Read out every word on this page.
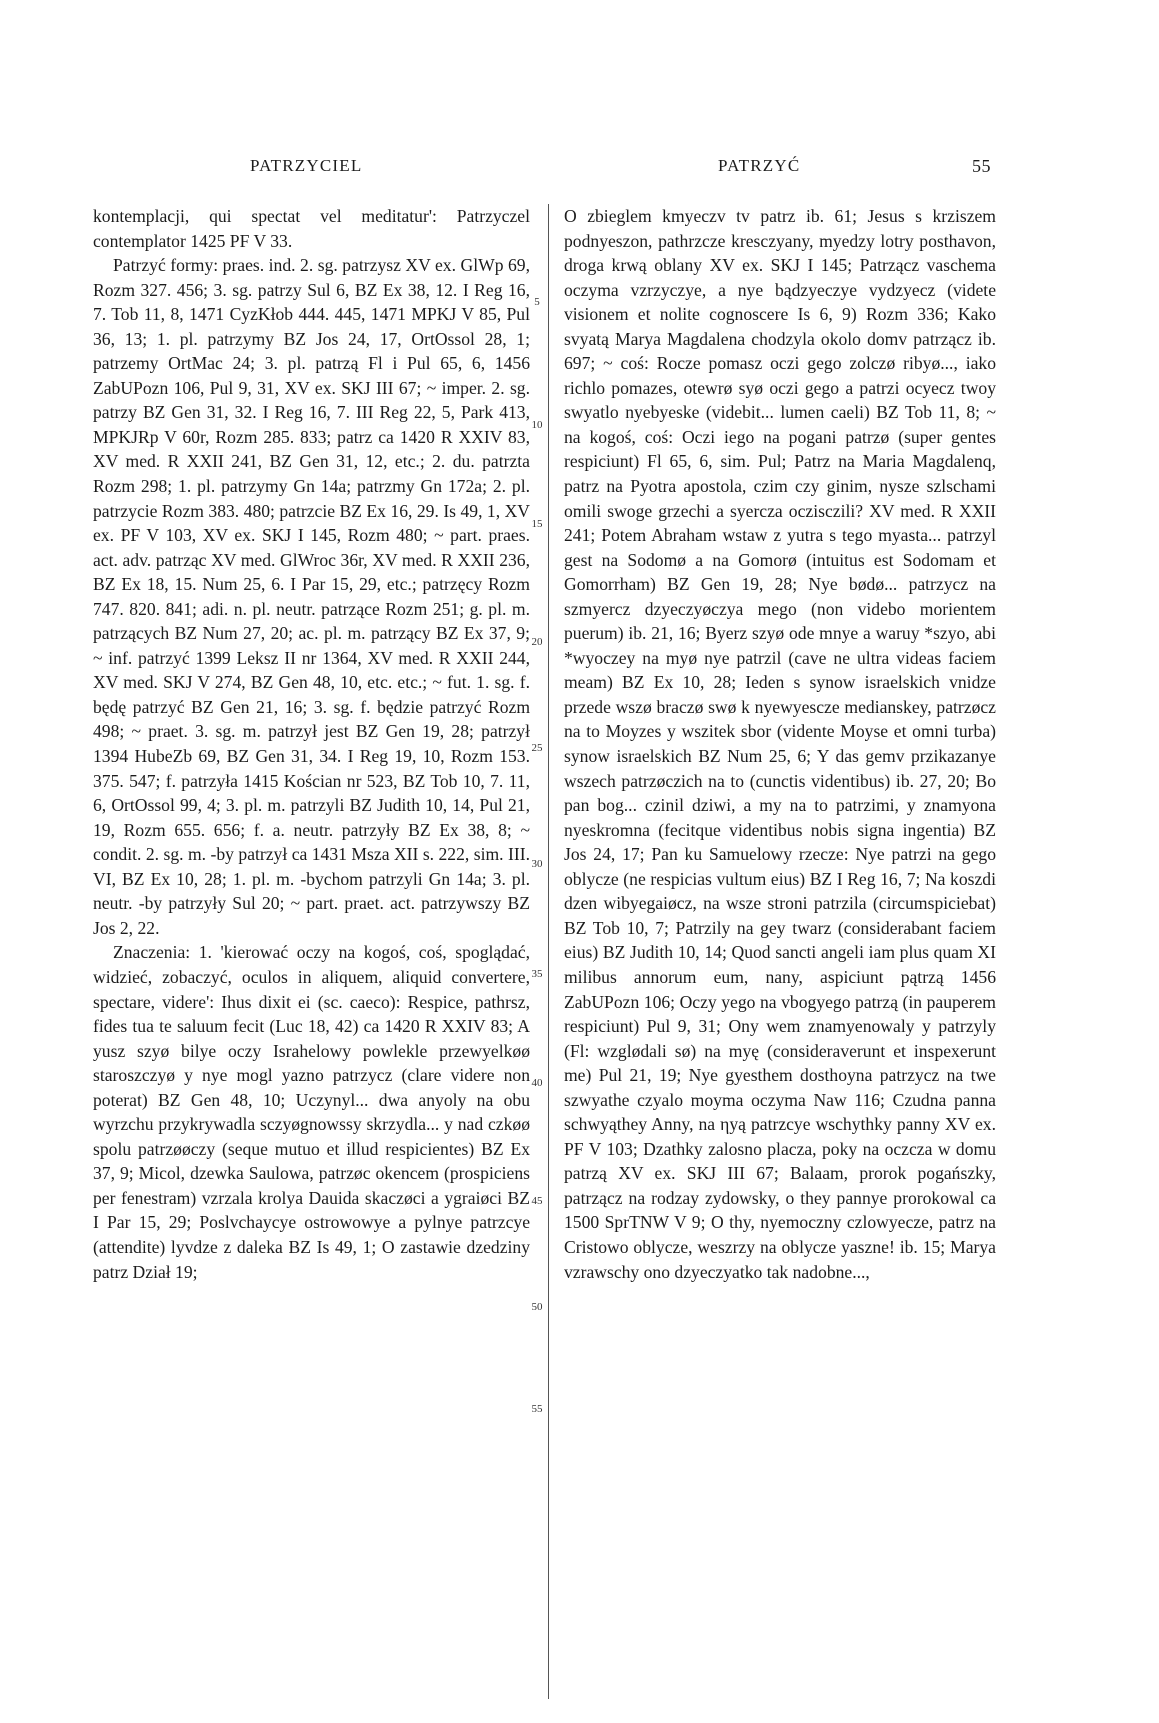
PATRZYCIEL	PATRZYĆ	55

kontemplacji, qui spectat vel meditatur': Patrzyczel contemplator 1425 PF V 33.

Patrzyć formy: praes. ind. 2. sg. patrzysz XV ex. GlWp 69, Rozm 327. 456; 3. sg. patrzy Sul 6, BZ Ex 38, 12. I Reg 16, 7. Tob 11, 8, 1471 CyzKłob 444. 445, 1471 MPKJ V 85, Pul 36, 13; 1. pl. patrzymy BZ Jos 24, 17, OrtOssol 28, 1; patrzemy OrtMac 24; 3. pl. patrzą Fl i Pul 65, 6, 1456 ZabUPozn 106, Pul 9, 31, XV ex. SKJ III 67; ~ imper. 2. sg. patrzy BZ Gen 31, 32. I Reg 16, 7. III Reg 22, 5, Park 413, MPKJRp V 60r, Rozm 285. 833; patrz ca 1420 R XXIV 83, XV med. R XXII 241, BZ Gen 31, 12, etc.; 2. du. patrzta Rozm 298; 1. pl. patrzymy Gn 14a; patrzmy Gn 172a; 2. pl. patrzycie Rozm 383. 480; patrzcie BZ Ex 16, 29. Is 49, 1, XV ex. PF V 103, XV ex. SKJ I 145, Rozm 480; ~ part. praes. act. adv. patrząc XV med. GlWroc 36r, XV med. R XXII 236, BZ Ex 18, 15. Num 25, 6. I Par 15, 29, etc.; patrzęcy Rozm 747. 820. 841; adi. n. pl. neutr. patrzące Rozm 251; g. pl. m. patrzących BZ Num 27, 20; ac. pl. m. patrzący BZ Ex 37, 9; ~ inf. patrzyć 1399 Leksz II nr 1364, XV med. R XXII 244, XV med. SKJ V 274, BZ Gen 48, 10, etc. etc.; ~ fut. 1. sg. f. będę patrzyć BZ Gen 21, 16; 3. sg. f. będzie patrzyć Rozm 498; ~ praet. 3. sg. m. patrzył jest BZ Gen 19, 28; patrzył 1394 HubeZb 69, BZ Gen 31, 34. I Reg 19, 10, Rozm 153. 375. 547; f. patrzyła 1415 Kościan nr 523, BZ Tob 10, 7. 11, 6, OrtOssol 99, 4; 3. pl. m. patrzyli BZ Judith 10, 14, Pul 21, 19, Rozm 655. 656; f. a. neutr. patrzyły BZ Ex 38, 8; ~ condit. 2. sg. m. -by patrzył ca 1431 Msza XII s. 222, sim. III. VI, BZ Ex 10, 28; 1. pl. m. -bychom patrzyli Gn 14a; 3. pl. neutr. -by patrzyły Sul 20; ~ part. praet. act. patrzywszy BZ Jos 2, 22.

Znaczenia: 1. 'kierować oczy na kogoś, coś, spoglądać, widzieć, zobaczyć, oculos in aliquem, aliquid convertere, spectare, videre': Ihus dixit ei (sc. caeco): Respice, pathrsz, fides tua te saluum fecit (Luc 18, 42) ca 1420 R XXIV 83; A yusz szyø bilye oczy Israhelowy powleklе przewyelkøø staroszczyø y nye mogl yazno patrzycz (clare videre non poterat) BZ Gen 48, 10; Uczynyl... dwa anyoly na obu wyrzchu przykrywadla sczyøgnowssy skrzydla... y nad czkøø spolu patrzøøczy (seque mutuo et illud respicientes) BZ Ex 37, 9; Micol, dzewka Saulowa, patrzøc okencem (prospiciens per fenestram) vzrzala krolya Dauida skaczøci a ygraiøci BZ I Par 15, 29; Poslvchaycye ostrowowye a pylnye patrzcye (attendite) lyvdze z daleka BZ Is 49, 1; O zastawie dzedziny patrz Dział 19;

5
10
15
20
25
30
35
40
45
50
55

O zbieglem kmyeczv tv patrz ib. 61; Jesus s krziszem podnyeszon, pathrzcze kresczyany, myedzy lotry posthavon, droga krwą oblany XV ex. SKJ I 145; Patrząсz vaschema oczyma vzrzyczye, a nye bądzyeczye vydzyecz (videte visionem et nolite cognoscere Is 6, 9) Rozm 336; Kako svyatą Marya Magdalena chodzyla okolo domv patrzącz ib. 697; ~ coś: Rocze pomasz oczi gego zolczø ribyø..., iako richlo pomazes, otewrø syø oczi gego a patrzi ocyecz twoy swyatlo nyebyeske (videbit... lumen caeli) BZ Tob 11, 8; ~ na kogoś, coś: Oczi iego na pogani patrzø (super gentes respiciunt) Fl 65, 6, sim. Pul; Patrz na Maria Magdalenq, patrz na Pyotra apostola, czim czy ginim, nysze szlschami omili swoge grzechi a syercza oczisczili? XV med. R XXII 241; Potem Abraham wstaw z yutra s tego myasta... patrzyl gest na Sodomø a na Gomorø (intuitus est Sodomam et Gomorrham) BZ Gen 19, 28; Nye bødø... patrzycz na szmyercz dzyeczyøczya mego (non videbo morientem puerum) ib. 21, 16; Byerz szyø ode mnye a waruy *szyo, abi *wyoczey na myø nye patrzil (cave ne ultra videas faciem meam) BZ Ex 10, 28; Ieden s synow israelskich vnidze przede wszø braczø swø k nyewyescze medianskey, patrzøcz na to Moyzes y wszitek sbor (vidente Moyse et omni turba) synow israelskich BZ Num 25, 6; Y das gemv przikazanye wszech patrzøczich na to (cunctis videntibus) ib. 27, 20; Bo pan bog... czinil dziwi, a my na to patrzimi, y znamyona nyeskromna (fecitque videntibus nobis signa ingentia) BZ Jos 24, 17; Pan ku Samuelowy rzecze: Nye patrzi na gego oblycze (ne respicias vultum eius) BZ I Reg 16, 7; Na koszdi dzen wibyegaiøcz, na wsze stroni patrzila (circumspiciebat) BZ Tob 10, 7; Patrzily na gey twarz (considerabant faciem eius) BZ Judith 10, 14; Quod sancti angeli iam plus quam XI milibus annorum eum, nany, aspiciunt pątrzą 1456 ZabUPozn 106; Oczy yego na vbogyego patrzą (in pauperem respiciunt) Pul 9, 31; Ony wem znamyenowaly y patrzyly (Fl: wzglødali sø) na myę (consideraverunt et inspexerunt me) Pul 21, 19; Nye gyesthem dosthoyna patrzycz na twe szwyathe czyalo moyma oczyma Naw 116; Czudna panna schwyąthey Anny, na ηyą patrzcye wschythky panny XV ex. PF V 103; Dzathky zalosno placza, poky na oczcza w domu patrzą XV ex. SKJ III 67; Balaam, prorok pogańszky, patrząсz na rodzay zydowsky, o they pannye prorokowal ca 1500 SprTNW V 9; O thy, nyemoczny czlowyeczе, patrz na Cristowo oblycze, weszrzy na oblycze yaszne! ib. 15; Marya vzrawschy ono dzyeczyatko tak nadobne...,
